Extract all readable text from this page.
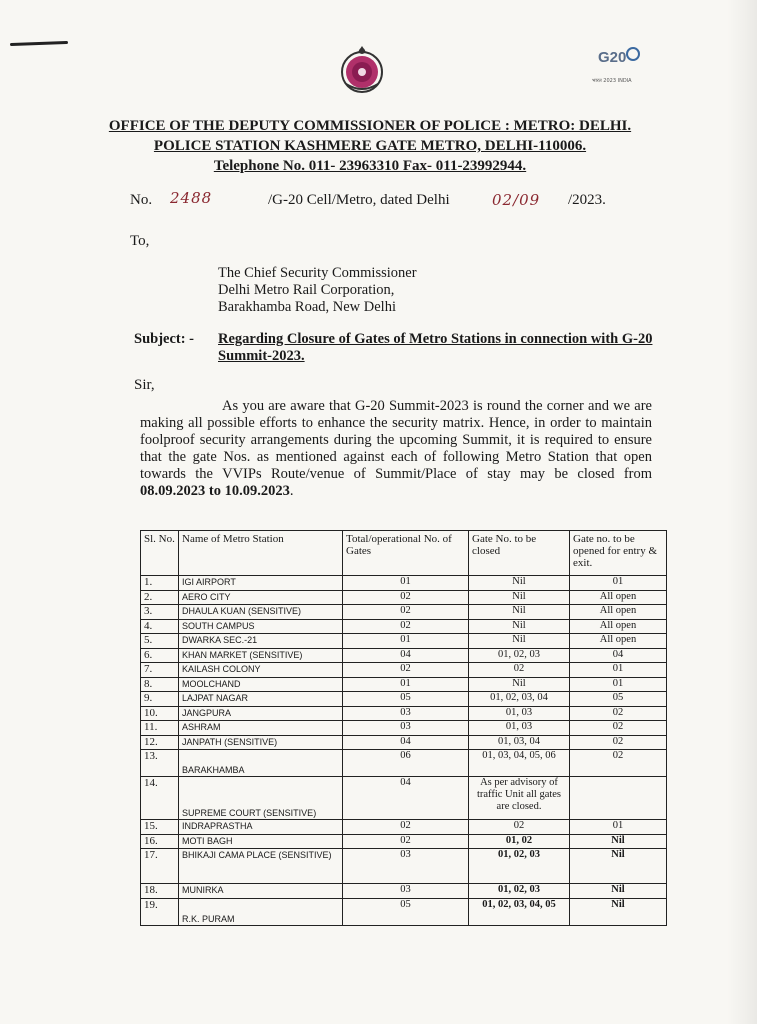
G20
भारत 2023 INDIA
OFFICE OF THE DEPUTY COMMISSIONER OF POLICE : METRO: DELHI.
POLICE STATION KASHMERE GATE METRO, DELHI-110006.
Telephone No. 011- 23963310 Fax- 011-23992944.
No. 2488	/G-20 Cell/Metro, dated Delhi	02/09 /2023.
To,
The Chief Security Commissioner
Delhi Metro Rail Corporation,
Barakhamba Road, New Delhi
Subject: - Regarding Closure of Gates of Metro Stations in connection with G-20 Summit-2023.
Sir,
As you are aware that G-20 Summit-2023 is round the corner and we are making all possible efforts to enhance the security matrix. Hence, in order to maintain foolproof security arrangements during the upcoming Summit, it is required to ensure that the gate Nos. as mentioned against each of following Metro Station that open towards the VVIPs Route/venue of Summit/Place of stay may be closed from 08.09.2023 to 10.09.2023.
Sl. No.	Name of Metro Station	Total/operational No. of Gates	Gate No. to be closed	Gate no. to be opened for entry & exit.
1.	IGI AIRPORT	01	Nil	01
2.	AERO CITY	02	Nil	All open
3.	DHAULA KUAN (SENSITIVE)	02	Nil	All open
4.	SOUTH CAMPUS	02	Nil	All open
5.	DWARKA SEC.-21	01	Nil	All open
6.	KHAN MARKET (SENSITIVE)	04	01, 02, 03	04
7.	KAILASH COLONY	02	02	01
8.	MOOLCHAND	01	Nil	01
9.	LAJPAT NAGAR	05	01, 02, 03, 04	05
10.	JANGPURA	03	01, 03	02
11.	ASHRAM	03	01, 03	02
12.	JANPATH (SENSITIVE)	04	01, 03, 04	02
13.	BARAKHAMBA	06	01, 03, 04, 05, 06	02
14.	SUPREME COURT (SENSITIVE)	04	As per advisory of traffic Unit all gates are closed.	
15.	INDRAPRASTHA	02	02	01
16.	MOTI BAGH	02	01, 02	Nil
17.	BHIKAJI CAMA PLACE (SENSITIVE)	03	01, 02, 03	Nil
18.	MUNIRKA	03	01, 02, 03	Nil
19.	R.K. PURAM	05	01, 02, 03, 04, 05	Nil
